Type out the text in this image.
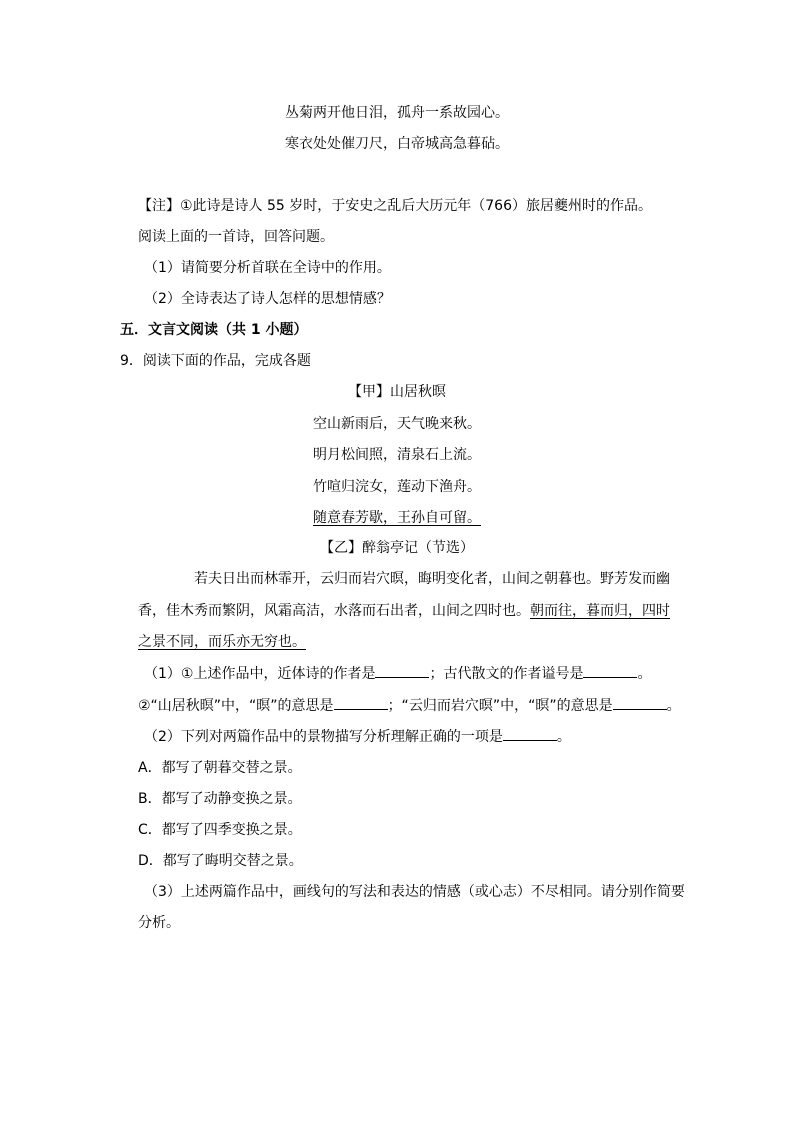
丛菊两开他日泪，孤舟一系故园心。
寒衣处处催刀尺，白帝城高急暮砧。
【注】①此诗是诗人 55 岁时，于安史之乱后大历元年（766）旅居夔州时的作品。
阅读上面的一首诗，回答问题。
（1）请简要分析首联在全诗中的作用。
（2）全诗表达了诗人怎样的思想情感？
五．文言文阅读（共 1 小题）
9．阅读下面的作品，完成各题
【甲】山居秋暝
空山新雨后，天气晚来秋。
明月松间照，清泉石上流。
竹喧归浣女，莲动下渔舟。
随意春芳歇，王孙自可留。
【乙】醉翁亭记（节选）
若夫日出而林霏开，云归而岩穴暝，晦明变化者，山间之朝暮也。野芳发而幽
香，佳木秀而繁阴，风霜高洁，水落而石出者，山间之四时也。朝而往，暮而归，四时
之景不同，而乐亦无穷也。
（1）①上述作品中，近体诗的作者是	；古代散文的作者谥号是	。
②“山居秋暝”中，“暝”的意思是	；“云归而岩穴暝”中，“暝”的意思是	。
（2）下列对两篇作品中的景物描写分析理解正确的一项是	。
A．都写了朝暮交替之景。
B．都写了动静变换之景。
C．都写了四季变换之景。
D．都写了晦明交替之景。
（3）上述两篇作品中，画线句的写法和表达的情感（或心志）不尽相同。请分别作简要
分析。
